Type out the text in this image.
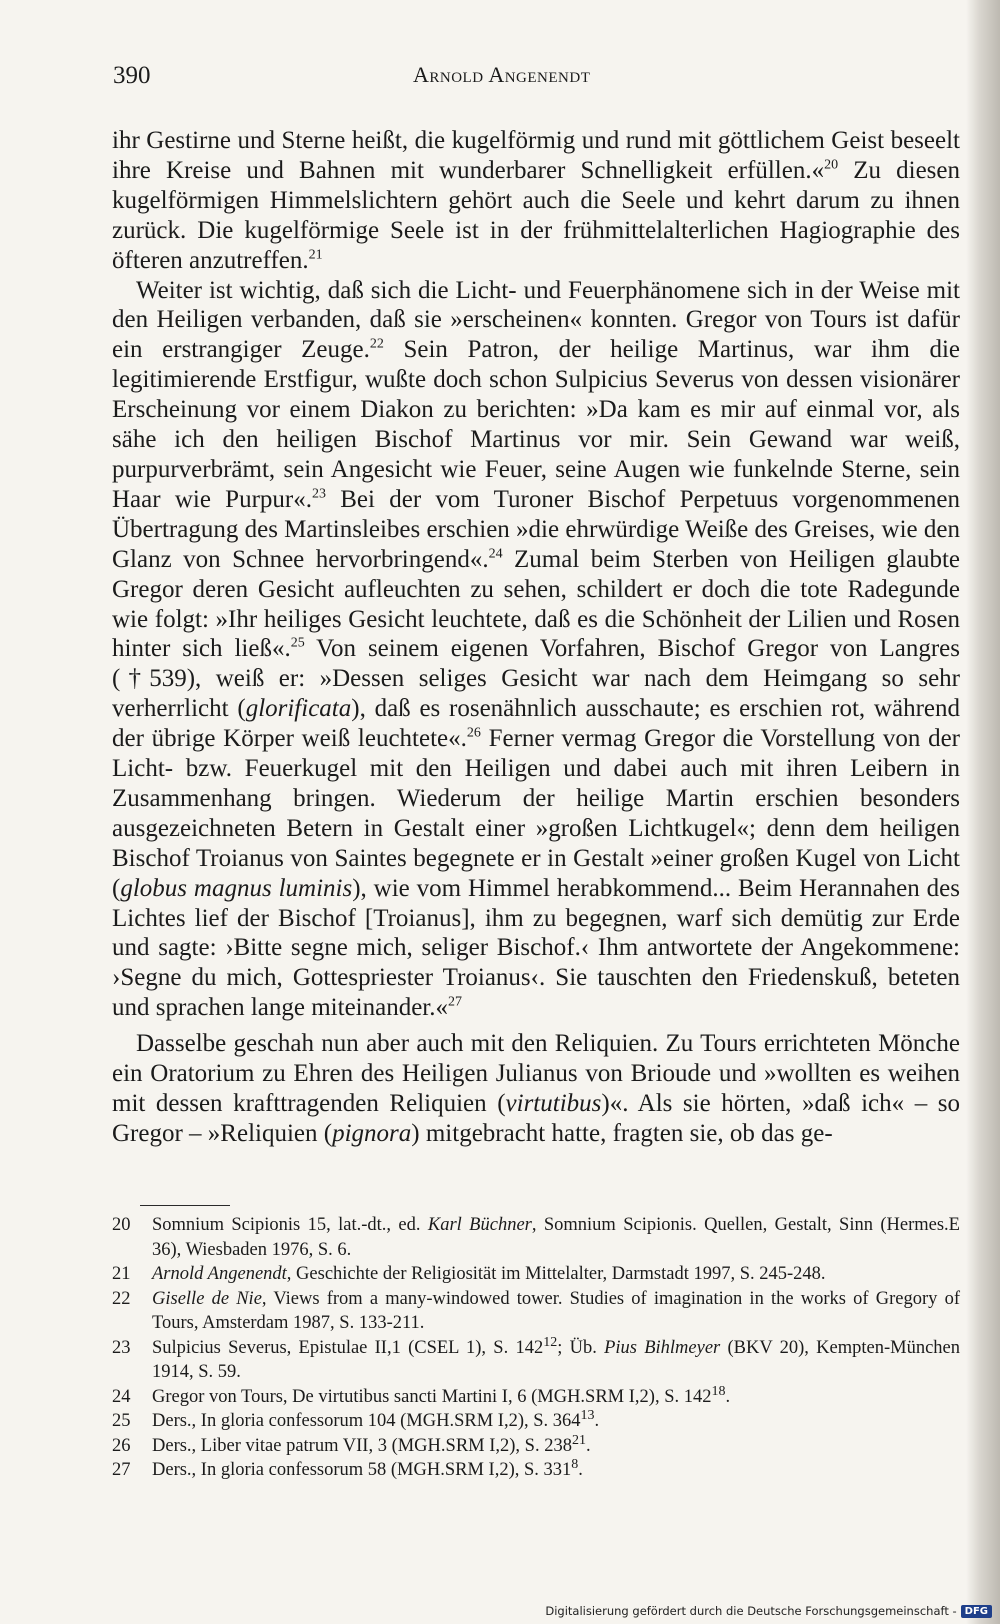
390	Arnold Angenendt

ihr Gestirne und Sterne heißt, die kugelförmig und rund mit göttlichem Geist beseelt ihre Kreise und Bahnen mit wunderbarer Schnelligkeit erfüllen.«$^{20}$ Zu diesen kugelförmigen Himmelslichtern gehört auch die Seele und kehrt darum zu ihnen zurück. Die kugelförmige Seele ist in der frühmittelalterlichen Hagiographie des öfteren anzutreffen.$^{21}$

Weiter ist wichtig, daß sich die Licht- und Feuerphänomene sich in der Weise mit den Heiligen verbanden, daß sie »erscheinen« konnten. Gregor von Tours ist dafür ein erstrangiger Zeuge.$^{22}$ Sein Patron, der heilige Martinus, war ihm die legitimierende Erstfigur, wußte doch schon Sulpicius Severus von dessen visionärer Erscheinung vor einem Diakon zu berichten: »Da kam es mir auf einmal vor, als sähe ich den heiligen Bischof Martinus vor mir. Sein Gewand war weiß, purpurverbrämt, sein Angesicht wie Feuer, seine Augen wie funkelnde Sterne, sein Haar wie Purpur«.$^{23}$ Bei der vom Turoner Bischof Perpetuus vorgenommenen Übertragung des Martinsleibes erschien »die ehrwürdige Weiße des Greises, wie den Glanz von Schnee hervorbringend«.$^{24}$ Zumal beim Sterben von Heiligen glaubte Gregor deren Gesicht aufleuchten zu sehen, schildert er doch die tote Radegunde wie folgt: »Ihr heiliges Gesicht leuchtete, daß es die Schönheit der Lilien und Rosen hinter sich ließ«.$^{25}$ Von seinem eigenen Vorfahren, Bischof Gregor von Langres (†539), weiß er: »Dessen seliges Gesicht war nach dem Heimgang so sehr verherrlicht (glorificata), daß es rosenähnlich ausschaute; es erschien rot, während der übrige Körper weiß leuchtete«.$^{26}$ Ferner vermag Gregor die Vorstellung von der Licht- bzw. Feuerkugel mit den Heiligen und dabei auch mit ihren Leibern in Zusammenhang bringen. Wiederum der heilige Martin erschien besonders ausgezeichneten Betern in Gestalt einer »großen Lichtkugel«; denn dem heiligen Bischof Troianus von Saintes begegnete er in Gestalt »einer großen Kugel von Licht (globus magnus luminis), wie vom Himmel herabkommend... Beim Herannahen des Lichtes lief der Bischof [Troianus], ihm zu begegnen, warf sich demütig zur Erde und sagte: ›Bitte segne mich, seliger Bischof.‹ Ihm antwortete der Angekommene: ›Segne du mich, Gottespriester Troianus‹. Sie tauschten den Friedenskuß, beteten und sprachen lange miteinander.«$^{27}$

Dasselbe geschah nun aber auch mit den Reliquien. Zu Tours errichteten Mönche ein Oratorium zu Ehren des Heiligen Julianus von Brioude und »wollten es weihen mit dessen krafttragenden Reliquien (virtutibus)«. Als sie hörten, »daß ich« – so Gregor – »Reliquien (pignora) mitgebracht hatte, fragten sie, ob das ge-

20 Somnium Scipionis 15, lat.-dt., ed. Karl Büchner, Somnium Scipionis. Quellen, Gestalt, Sinn (Hermes.E 36), Wiesbaden 1976, S. 6.
21 Arnold Angenendt, Geschichte der Religiosität im Mittelalter, Darmstadt 1997, S. 245-248.
22 Giselle de Nie, Views from a many-windowed tower. Studies of imagination in the works of Gregory of Tours, Amsterdam 1987, S. 133-211.
23 Sulpicius Severus, Epistulae II,1 (CSEL 1), S. $142^{12}$; Üb. Pius Bihlmeyer (BKV 20), Kempten-München 1914, S. 59.
24 Gregor von Tours, De virtutibus sancti Martini I, 6 (MGH.SRM I,2), S. $142^{18}$.
25 Ders., In gloria confessorum 104 (MGH.SRM I,2), S. $364^{13}$.
26 Ders., Liber vitae patrum VII, 3 (MGH.SRM I,2), S. $238^{21}$.
27 Ders., In gloria confessorum 58 (MGH.SRM I,2), S. $331^8$.
Digitalisierung gefördert durch die Deutsche Forschungsgemeinschaft - DFG
